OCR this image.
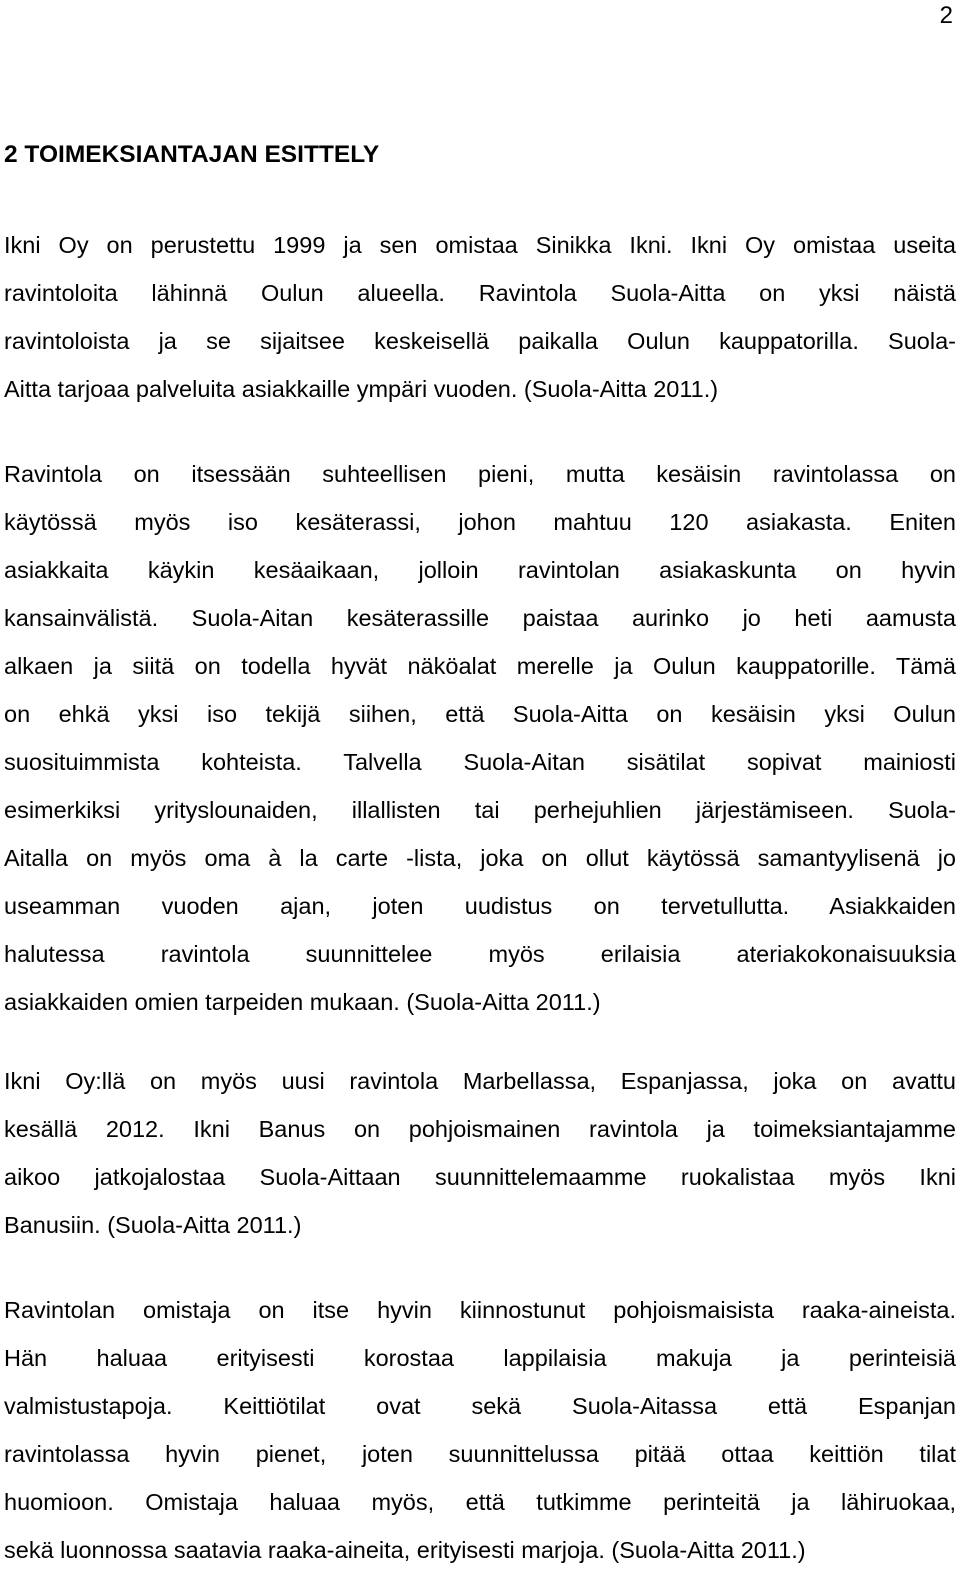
2

2 TOIMEKSIANTAJAN ESITTELY
Ikni Oy on perustettu 1999 ja sen omistaa Sinikka Ikni. Ikni Oy omistaa useita
ravintoloita lähinnä Oulun alueella. Ravintola Suola-Aitta on yksi näistä
ravintoloista ja se sijaitsee keskeisellä paikalla Oulun kauppatorilla. Suola-
Aitta tarjoaa palveluita asiakkaille ympäri vuoden. (Suola-Aitta 2011.)
Ravintola on itsessään suhteellisen pieni, mutta kesäisin ravintolassa on
käytössä myös iso kesäterassi, johon mahtuu 120 asiakasta. Eniten
asiakkaita käykin kesäaikaan, jolloin ravintolan asiakaskunta on hyvin
kansainvälistä. Suola-Aitan kesäterassille paistaa aurinko jo heti aamusta
alkaen ja siitä on todella hyvät näköalat merelle ja Oulun kauppatorille. Tämä
on ehkä yksi iso tekijä siihen, että Suola-Aitta on kesäisin yksi Oulun
suosituimmista kohteista. Talvella Suola-Aitan sisätilat sopivat mainiosti
esimerkiksi yrityslounaiden, illallisten tai perhejuhlien järjestämiseen. Suola-
Aitalla on myös oma à la carte -lista, joka on ollut käytössä samantyylisenä jo
useamman vuoden ajan, joten uudistus on tervetullutta. Asiakkaiden
halutessa ravintola suunnittelee myös erilaisia ateriakokonaisuuksia
asiakkaiden omien tarpeiden mukaan. (Suola-Aitta 2011.)
Ikni Oy:llä on myös uusi ravintola Marbellassa, Espanjassa, joka on avattu
kesällä 2012. Ikni Banus on pohjoismainen ravintola ja toimeksiantajamme
aikoo jatkojalostaa Suola-Aittaan suunnittelemaamme ruokalistaa myös Ikni
Banusiin. (Suola-Aitta 2011.)
Ravintolan omistaja on itse hyvin kiinnostunut pohjoismaisista raaka-aineista.
Hän haluaa erityisesti korostaa lappilaisia makuja ja perinteisiä
valmistustapoja. Keittiötilat ovat sekä Suola-Aitassa että Espanjan
ravintolassa hyvin pienet, joten suunnittelussa pitää ottaa keittiön tilat
huomioon. Omistaja haluaa myös, että tutkimme perinteitä ja lähiruokaa,
sekä luonnossa saatavia raaka-aineita, erityisesti marjoja. (Suola-Aitta 2011.)
